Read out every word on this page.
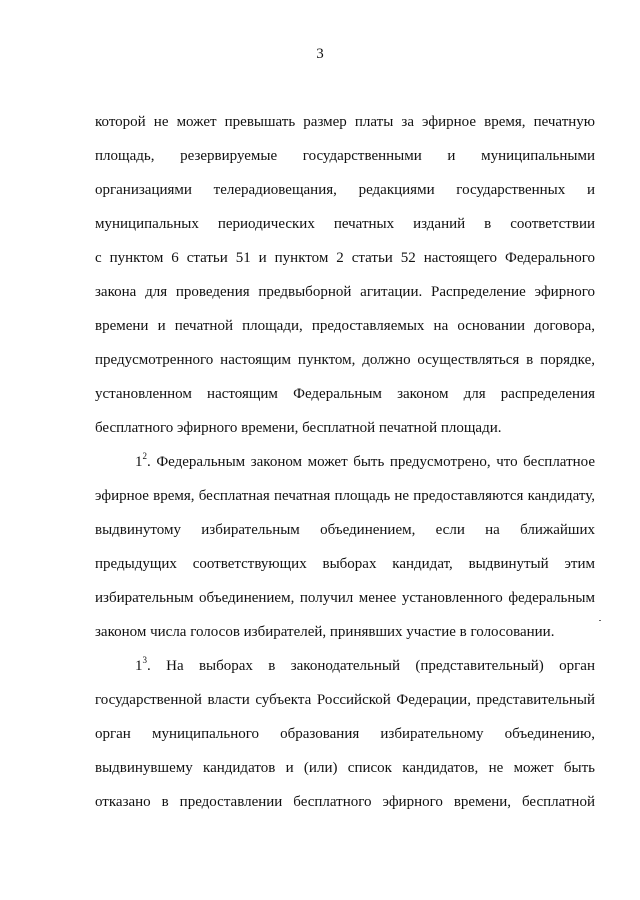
3
которой не может превышать размер платы за эфирное время, печатную
площадь, резервируемые государственными и муниципальными
организациями телерадиовещания, редакциями государственных и
муниципальных периодических печатных изданий в соответствии
с пунктом 6 статьи 51 и пунктом 2 статьи 52 настоящего Федерального
закона для проведения предвыборной агитации. Распределение эфирного
времени и печатной площади, предоставляемых на основании договора,
предусмотренного настоящим пунктом, должно осуществляться в порядке,
установленном настоящим Федеральным законом для распределения
бесплатного эфирного времени, бесплатной печатной площади.
$1^2$. Федеральным законом может быть предусмотрено, что бесплатное
эфирное время, бесплатная печатная площадь не предоставляются кандидату,
выдвинутому избирательным объединением, если на ближайших
предыдущих соответствующих выборах кандидат, выдвинутый этим
избирательным объединением, получил менее установленного федеральным
законом числа голосов избирателей, принявших участие в голосовании.
$1^3$. На выборах в законодательный (представительный) орган
государственной власти субъекта Российской Федерации, представительный
орган муниципального образования избирательному объединению,
выдвинувшему кандидатов и (или) список кандидатов, не может быть
отказано в предоставлении бесплатного эфирного времени, бесплатной
